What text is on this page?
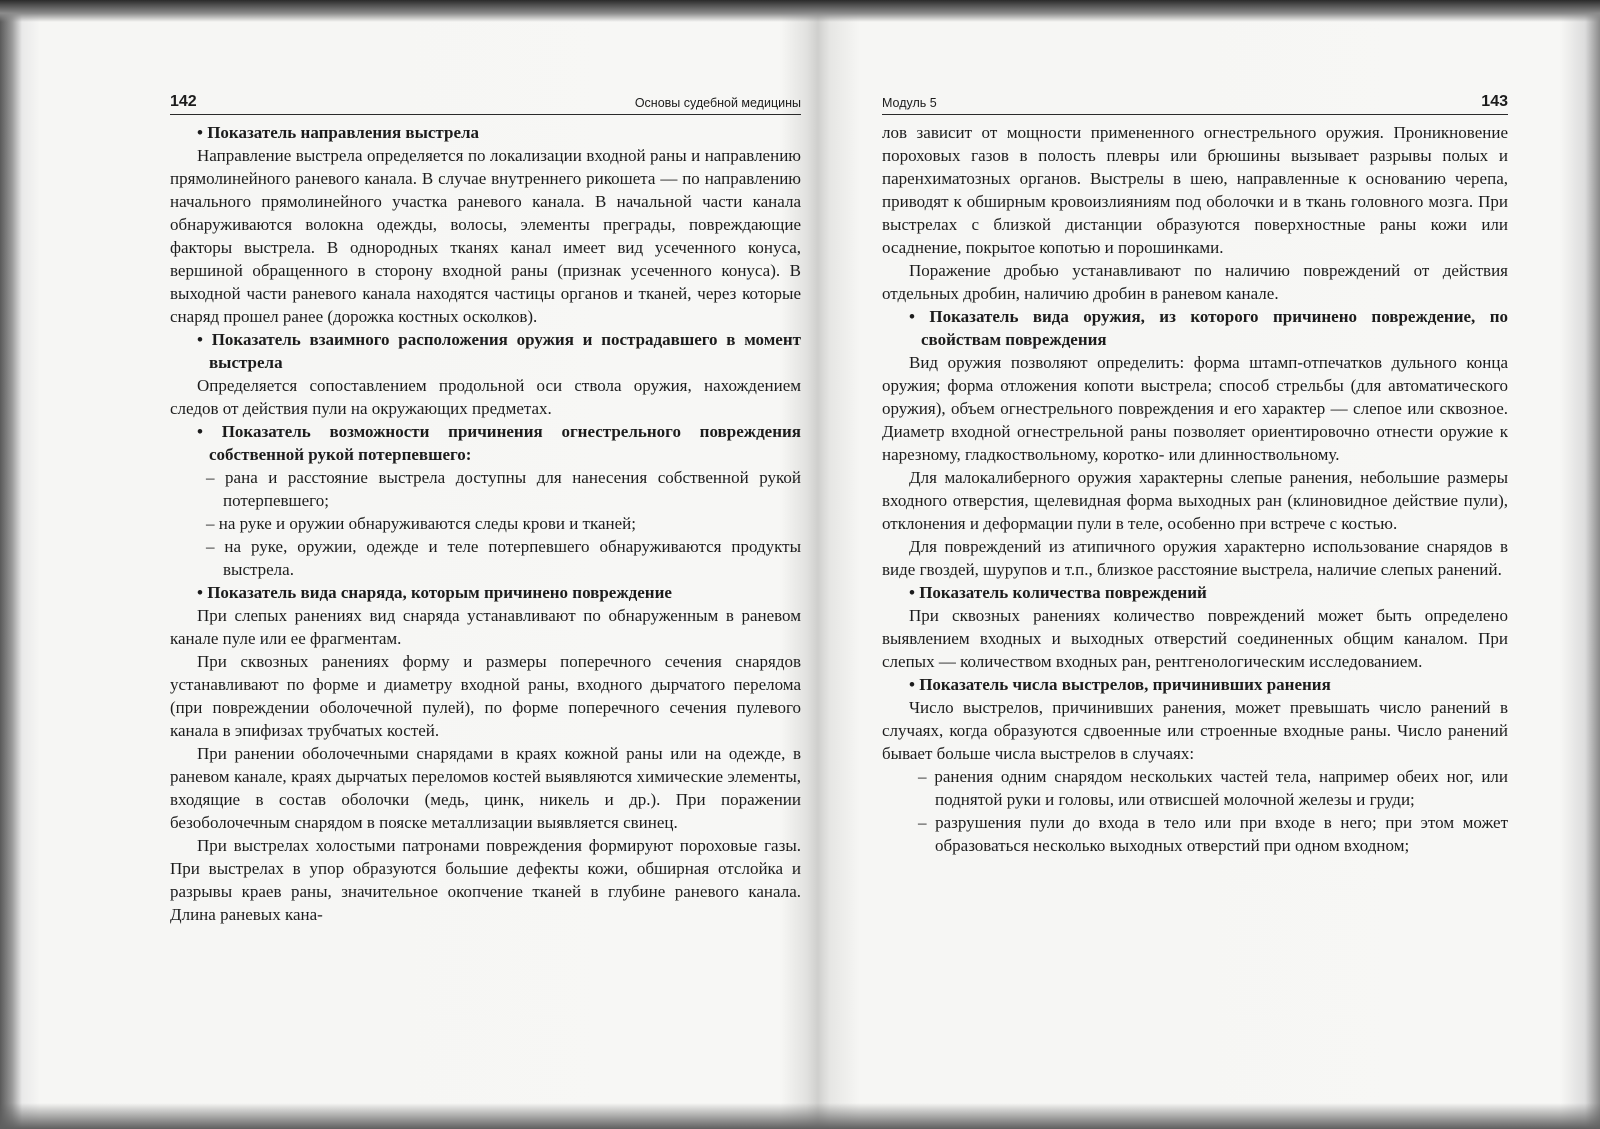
142	Основы судебной медицины

• Показатель направления выстрела

Направление выстрела определяется по локализации входной раны и направлению прямолинейного раневого канала. В случае внутреннего рикошета — по направлению начального прямолинейного участка раневого канала. В начальной части канала обнаруживаются волокна одежды, волосы, элементы преграды, повреждающие факторы выстрела. В однородных тканях канал имеет вид усеченного конуса, вершиной обращенного в сторону входной раны (признак усеченного конуса). В выходной части раневого канала находятся частицы органов и тканей, через которые снаряд прошел ранее (дорожка костных осколков).

• Показатель взаимного расположения оружия и пострадавшего в момент выстрела

Определяется сопоставлением продольной оси ствола оружия, нахождением следов от действия пули на окружающих предметах.

• Показатель возможности причинения огнестрельного повреждения собственной рукой потерпевшего:

– рана и расстояние выстрела доступны для нанесения собственной рукой потерпевшего;

– на руке и оружии обнаруживаются следы крови и тканей;

– на руке, оружии, одежде и теле потерпевшего обнаруживаются продукты выстрела.

• Показатель вида снаряда, которым причинено повреждение

При слепых ранениях вид снаряда устанавливают по обнаруженным в раневом канале пуле или ее фрагментам.

При сквозных ранениях форму и размеры поперечного сечения снарядов устанавливают по форме и диаметру входной раны, входного дырчатого перелома (при повреждении оболочечной пулей), по форме поперечного сечения пулевого канала в эпифизах трубчатых костей.

При ранении оболочечными снарядами в краях кожной раны или на одежде, в раневом канале, краях дырчатых переломов костей выявляются химические элементы, входящие в состав оболочки (медь, цинк, никель и др.). При поражении безоболочечным снарядом в пояске металлизации выявляется свинец.

При выстрелах холостыми патронами повреждения формируют пороховые газы. При выстрелах в упор образуются большие дефекты кожи, обширная отслойка и разрывы краев раны, значительное окопчение тканей в глубине раневого канала. Длина раневых кана-

Модуль 5	143

лов зависит от мощности примененного огнестрельного оружия. Проникновение пороховых газов в полость плевры или брюшины вызывает разрывы полых и паренхиматозных органов. Выстрелы в шею, направленные к основанию черепа, приводят к обширным кровоизлияниям под оболочки и в ткань головного мозга. При выстрелах с близкой дистанции образуются поверхностные раны кожи или осаднение, покрытое копотью и порошинками.

Поражение дробью устанавливают по наличию повреждений от действия отдельных дробин, наличию дробин в раневом канале.

• Показатель вида оружия, из которого причинено повреждение, по свойствам повреждения

Вид оружия позволяют определить: форма штамп-отпечатков дульного конца оружия; форма отложения копоти выстрела; способ стрельбы (для автоматического оружия), объем огнестрельного повреждения и его характер — слепое или сквозное. Диаметр входной огнестрельной раны позволяет ориентировочно отнести оружие к нарезному, гладкоствольному, коротко- или длинноствольному.

Для малокалиберного оружия характерны слепые ранения, небольшие размеры входного отверстия, щелевидная форма выходных ран (клиновидное действие пули), отклонения и деформации пули в теле, особенно при встрече с костью.

Для повреждений из атипичного оружия характерно использование снарядов в виде гвоздей, шурупов и т.п., близкое расстояние выстрела, наличие слепых ранений.

• Показатель количества повреждений

При сквозных ранениях количество повреждений может быть определено выявлением входных и выходных отверстий соединенных общим каналом. При слепых — количеством входных ран, рентгенологическим исследованием.

• Показатель числа выстрелов, причинивших ранения

Число выстрелов, причинивших ранения, может превышать число ранений в случаях, когда образуются сдвоенные или строенные входные раны. Число ранений бывает больше числа выстрелов в случаях:

– ранения одним снарядом нескольких частей тела, например обеих ног, или поднятой руки и головы, или отвисшей молочной железы и груди;

– разрушения пули до входа в тело или при входе в него; при этом может образоваться несколько выходных отверстий при одном входном;
